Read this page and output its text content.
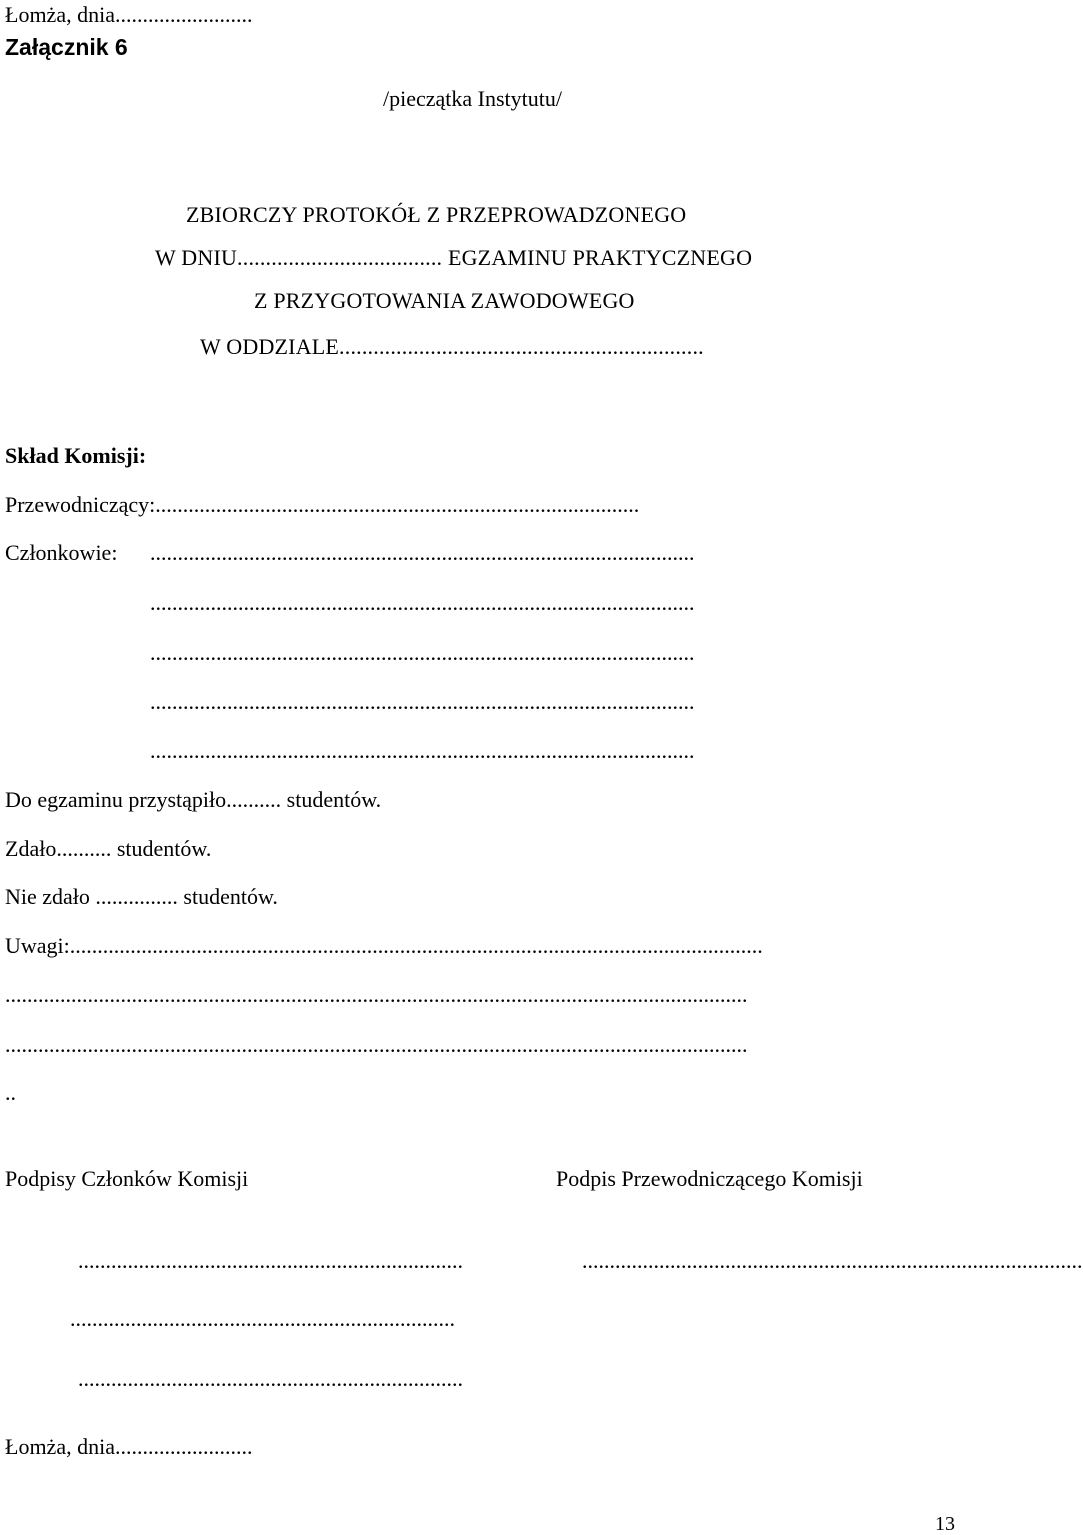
Łomża, dnia.........................
Załącznik 6
/pieczątka Instytutu/
ZBIORCZY PROTOKÓŁ Z PRZEPROWADZONEGO
W DNIU.................................... EGZAMINU PRAKTYCZNEGO
Z PRZYGOTOWANIA ZAWODOWEGO
W ODDZIALE................................................................
Skład Komisji:
Przewodniczący:........................................................................................
Członkowie: ...................................................................................................
...................................................................................................
...................................................................................................
...................................................................................................
...................................................................................................
Do egzaminu przystąpiło.......... studentów.
Zdało.......... studentów.
Nie zdało ............... studentów.
Uwagi:..............................................................................................................................
.......................................................................................................................................
.......................................................................................................................................
..
Podpisy Członków Komisji	Podpis Przewodniczącego Komisji
......................................................................	...........................................................................................
......................................................................
......................................................................
Łomża, dnia.........................
13
